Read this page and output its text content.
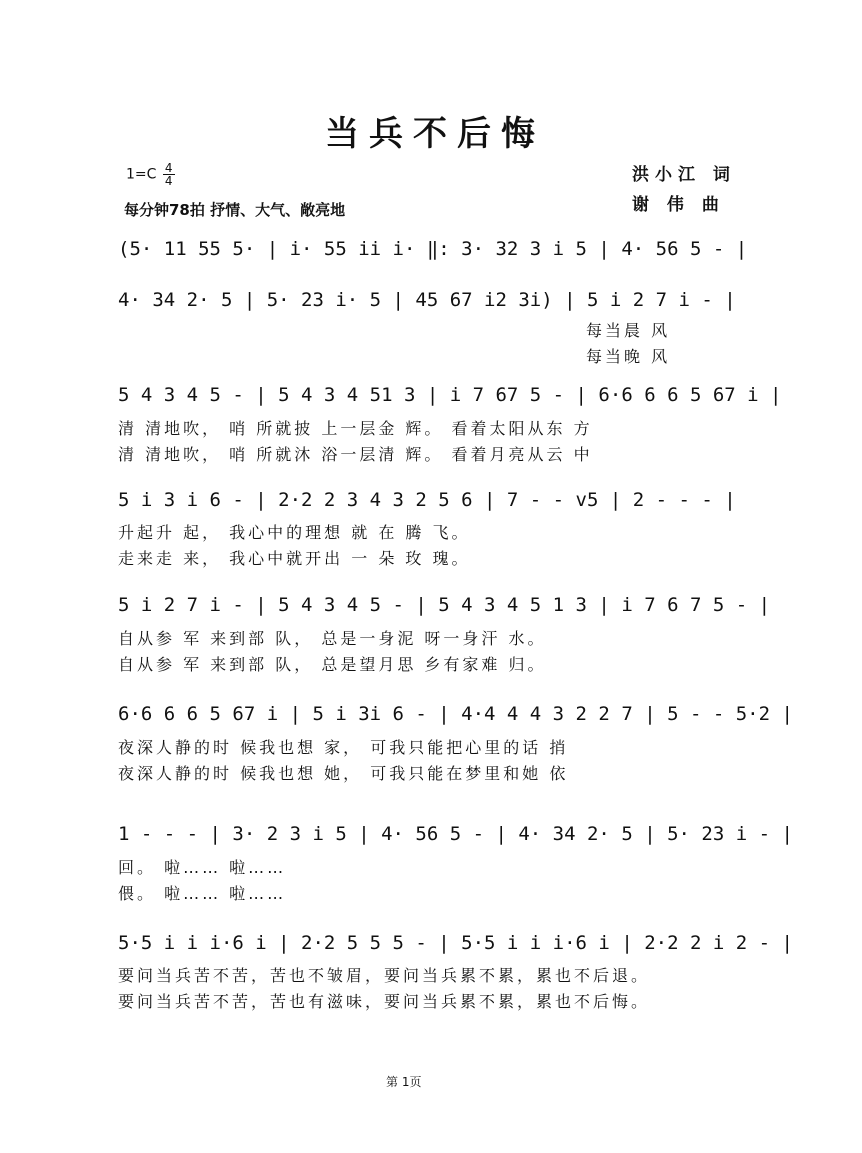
当兵不后悔
$1=C \frac{4}{4}$
每分钟78拍 抒情、大气、敞亮地
洪小江 词
谢 伟 曲
(5· 11 55 5· | i· 55 ii i· ‖: 3· 32 3 i 5 | 4· 56 5 - |
4· 34 2· 5 | 5· 23 i· 5 | 45 67 i2 3i) | 5 i 2 7 i - |
每当晨 风
每当晚 风
5 4 3 4 5 - | 5 4 3 4 51 3 | i 7 67 5 - | 6·6 6 6 5 67 i |
清 清地吹， 哨 所就披 上一层金 辉。 看着太阳从东 方
清 清地吹， 哨 所就沐 浴一层清 辉。 看着月亮从云 中
5 i 3 i 6 - | 2·2 2 3 4 3 2 5 6 | 7 - - v5 | 2 - - - |
升起升 起， 我心中的理想 就 在 腾 飞。
走来走 来， 我心中就开出 一 朵 玫 瑰。
5 i 2 7 i - | 5 4 3 4 5 - | 5 4 3 4 5 1 3 | i 7 6 7 5 - |
自从参 军 来到部 队， 总是一身泥 呀一身汗 水。
自从参 军 来到部 队， 总是望月思 乡有家难 归。
6·6 6 6 5 67 i | 5 i 3i 6 - | 4·4 4 4 3 2 2 7 | 5 - - 5·2 |
夜深人静的时 候我也想 家， 可我只能把心里的话 捎
夜深人静的时 候我也想 她， 可我只能在梦里和她 依
1 - - - | 3· 2 3 i 5 | 4· 56 5 - | 4· 34 2· 5 | 5· 23 i - |
回。 啦…… 啦……
偎。 啦…… 啦……
5·5 i i i·6 i | 2·2 5 5 5 - | 5·5 i i i·6 i | 2·2 2 i 2 - |
要问当兵苦不苦，苦也不皱眉，要问当兵累不累，累也不后退。
要问当兵苦不苦，苦也有滋味，要问当兵累不累，累也不后悔。
第 1页
